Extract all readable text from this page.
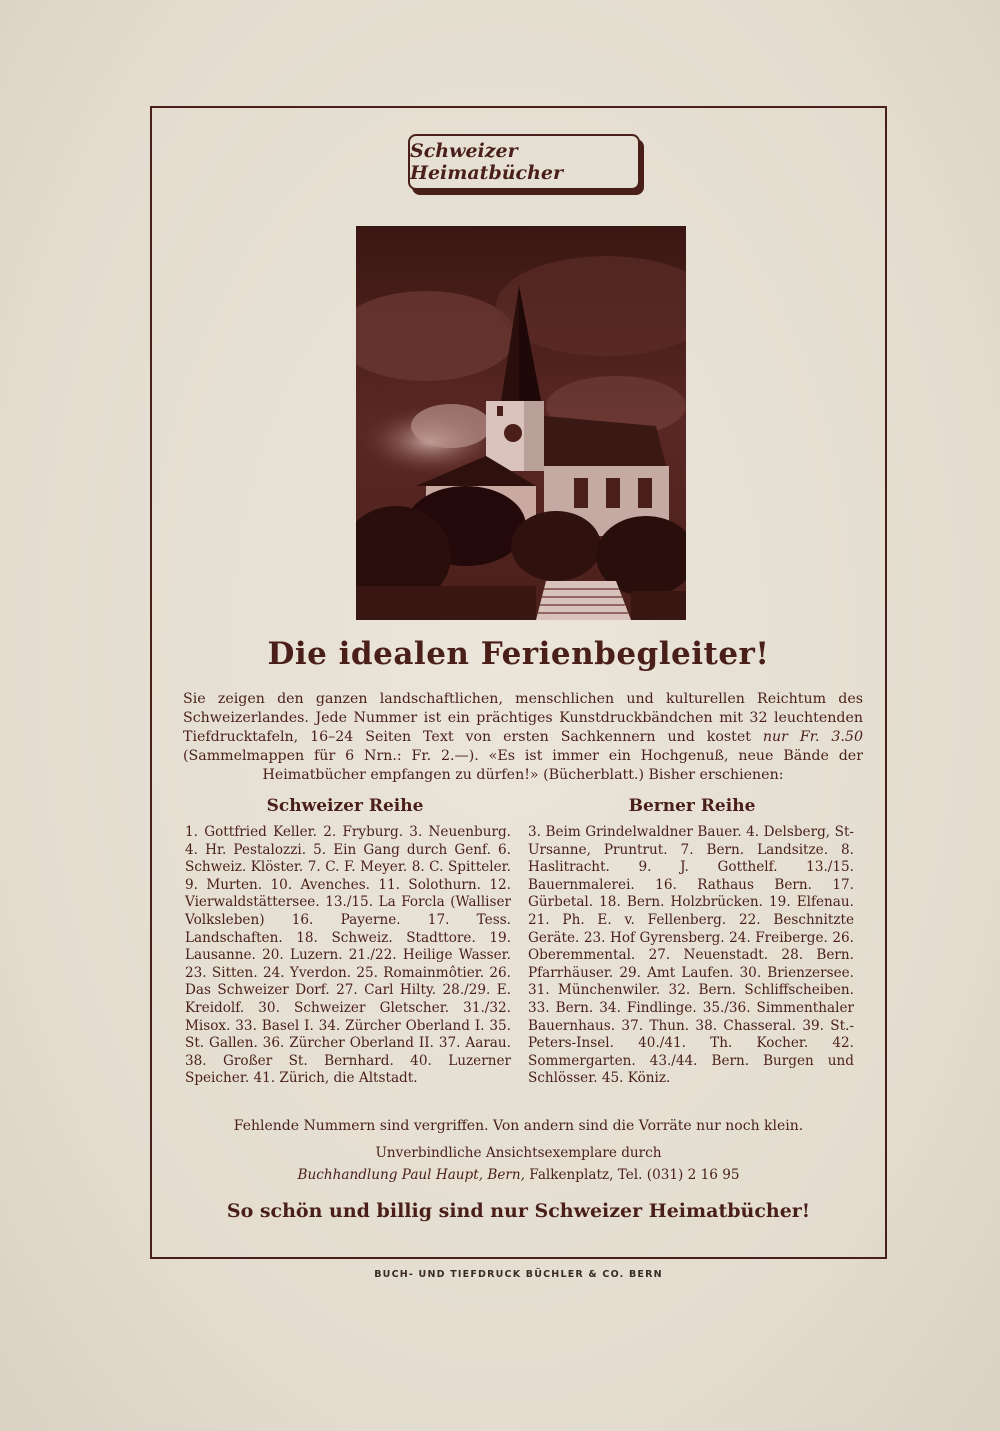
Schweizer Heimatbücher
Die idealen Ferienbegleiter!

Sie zeigen den ganzen landschaftlichen, menschlichen und kulturellen Reichtum des Schweizerlandes. Jede Nummer ist ein prächtiges Kunstdruckbändchen mit 32 leuchtenden Tiefdrucktafeln, 16–24 Seiten Text von ersten Sachkennern und kostet nur Fr. 3.50 (Sammelmappen für 6 Nrn.: Fr. 2.—). «Es ist immer ein Hochgenuß, neue Bände der Heimatbücher empfangen zu dürfen!» (Bücherblatt.) Bisher erschienen:

Schweizer Reihe	Berner Reihe

1. Gottfried Keller. 2. Fryburg. 3. Neuenburg. 4. Hr. Pestalozzi. 5. Ein Gang durch Genf. 6. Schweiz. Klöster. 7. C. F. Meyer. 8. C. Spitteler. 9. Murten. 10. Avenches. 11. Solothurn. 12. Vierwaldstättersee. 13./15. La Forcla (Walliser Volksleben) 16. Payerne. 17. Tess. Landschaften. 18. Schweiz. Stadttore. 19. Lausanne. 20. Luzern. 21./22. Heilige Wasser. 23. Sitten. 24. Yverdon. 25. Romainmôtier. 26. Das Schweizer Dorf. 27. Carl Hilty. 28./29. E. Kreidolf. 30. Schweizer Gletscher. 31./32. Misox. 33. Basel I. 34. Zürcher Oberland I. 35. St. Gallen. 36. Zürcher Oberland II. 37. Aarau. 38. Großer St. Bernhard. 40. Luzerner Speicher. 41. Zürich, die Altstadt.

3. Beim Grindelwaldner Bauer. 4. Delsberg, St-Ursanne, Pruntrut. 7. Bern. Landsitze. 8. Haslitracht. 9. J. Gotthelf. 13./15. Bauernmalerei. 16. Rathaus Bern. 17. Gürbetal. 18. Bern. Holzbrücken. 19. Elfenau. 21. Ph. E. v. Fellenberg. 22. Beschnitzte Geräte. 23. Hof Gyrensberg. 24. Freiberge. 26. Oberemmental. 27. Neuenstadt. 28. Bern. Pfarrhäuser. 29. Amt Laufen. 30. Brienzersee. 31. Münchenwiler. 32. Bern. Schliffscheiben. 33. Bern. 34. Findlinge. 35./36. Simmenthaler Bauernhaus. 37. Thun. 38. Chasseral. 39. St.-Peters-Insel. 40./41. Th. Kocher. 42. Sommergarten. 43./44. Bern. Burgen und Schlösser. 45. Köniz.

Fehlende Nummern sind vergriffen. Von andern sind die Vorräte nur noch klein.
Unverbindliche Ansichtsexemplare durch
Buchhandlung Paul Haupt, Bern, Falkenplatz, Tel. (031) 2 16 95
So schön und billig sind nur Schweizer Heimatbücher!
BUCH- UND TIEFDRUCK BÜCHLER & CO. BERN
